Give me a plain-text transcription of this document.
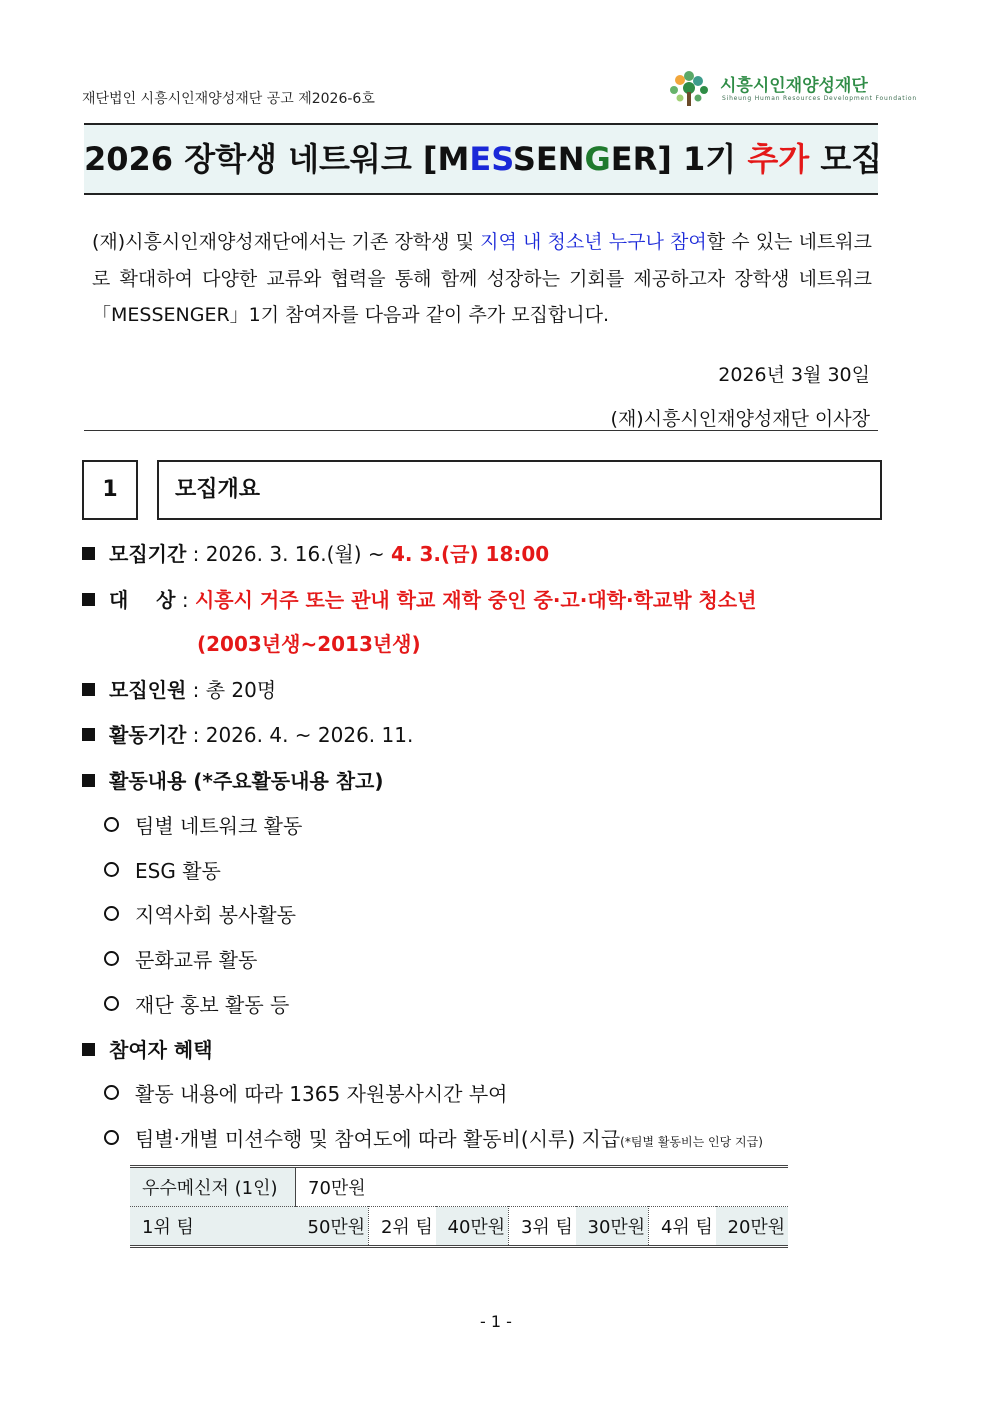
재단법인 시흥시인재양성재단 공고 제2026-6호
시흥시인재양성재단
Siheung Human Resources Development Foundation
2026 장학생 네트워크 [MESSENGER] 1기 추가 모집
(재)시흥시인재양성재단에서는 기존 장학생 및 지역 내 청소년 누구나 참여할 수 있는 네트워크로 확대하여 다양한 교류와 협력을 통해 함께 성장하는 기회를 제공하고자 장학생 네트워크「MESSENGER」1기 참여자를 다음과 같이 추가 모집합니다.
2026년 3월 30일
(재)시흥시인재양성재단 이사장
1	모집개요
모집기간 : 2026. 3. 16.(월) ~ 4. 3.(금) 18:00
대    상 : 시흥시 거주 또는 관내 학교 재학 중인 중·고·대학·학교밖 청소년
(2003년생~2013년생)
모집인원 : 총 20명
활동기간 : 2026. 4. ~ 2026. 11.
활동내용 (*주요활동내용 참고)
팀별 네트워크 활동
ESG 활동
지역사회 봉사활동
문화교류 활동
재단 홍보 활동 등
참여자 혜택
활동 내용에 따라 1365 자원봉사시간 부여
팀별·개별 미션수행 및 참여도에 따라 활동비(시루) 지급(*팀별 활동비는 인당 지급)
우수메신저 (1인)	70만원						
1위 팀	50만원	2위 팀	40만원	3위 팀	30만원	4위 팀	20만원
- 1 -
